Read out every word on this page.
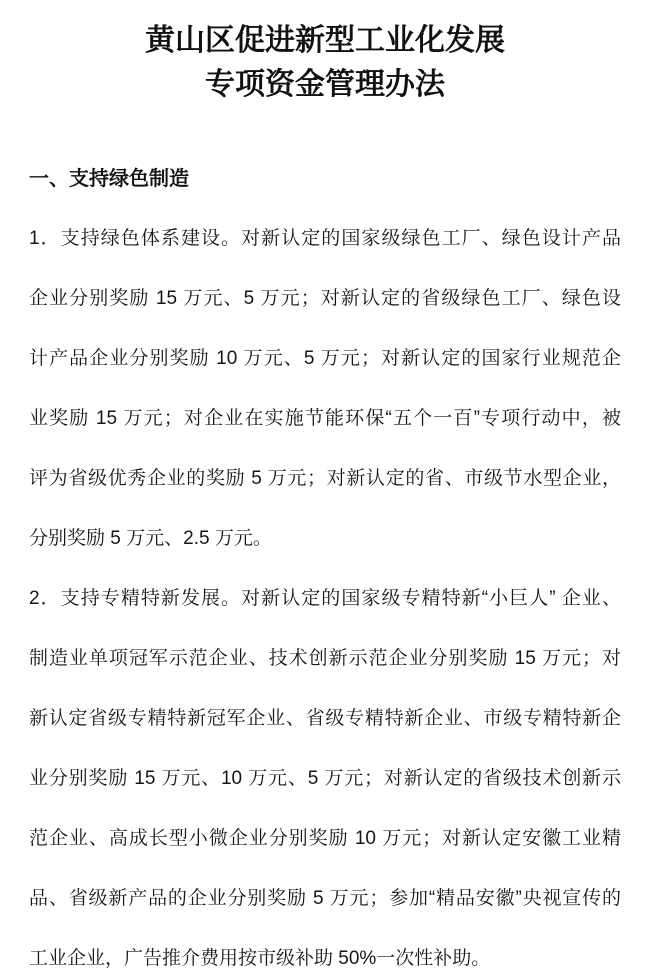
黄山区促进新型工业化发展
专项资金管理办法
一、支持绿色制造
1．支持绿色体系建设。对新认定的国家级绿色工厂、绿色设计产品
企业分别奖励 15 万元、5 万元；对新认定的省级绿色工厂、绿色设
计产品企业分别奖励 10 万元、5 万元；对新认定的国家行业规范企
业奖励 15 万元；对企业在实施节能环保“五个一百”专项行动中，被
评为省级优秀企业的奖励 5 万元；对新认定的省、市级节水型企业，
分别奖励 5 万元、2.5 万元。
2．支持专精特新发展。对新认定的国家级专精特新“小巨人” 企业、
制造业单项冠军示范企业、技术创新示范企业分别奖励 15 万元；对
新认定省级专精特新冠军企业、省级专精特新企业、市级专精特新企
业分别奖励 15 万元、10 万元、5 万元；对新认定的省级技术创新示
范企业、高成长型小微企业分别奖励 10 万元；对新认定安徽工业精
品、省级新产品的企业分别奖励 5 万元；参加“精品安徽”央视宣传的
工业企业，广告推介费用按市级补助 50%一次性补助。
